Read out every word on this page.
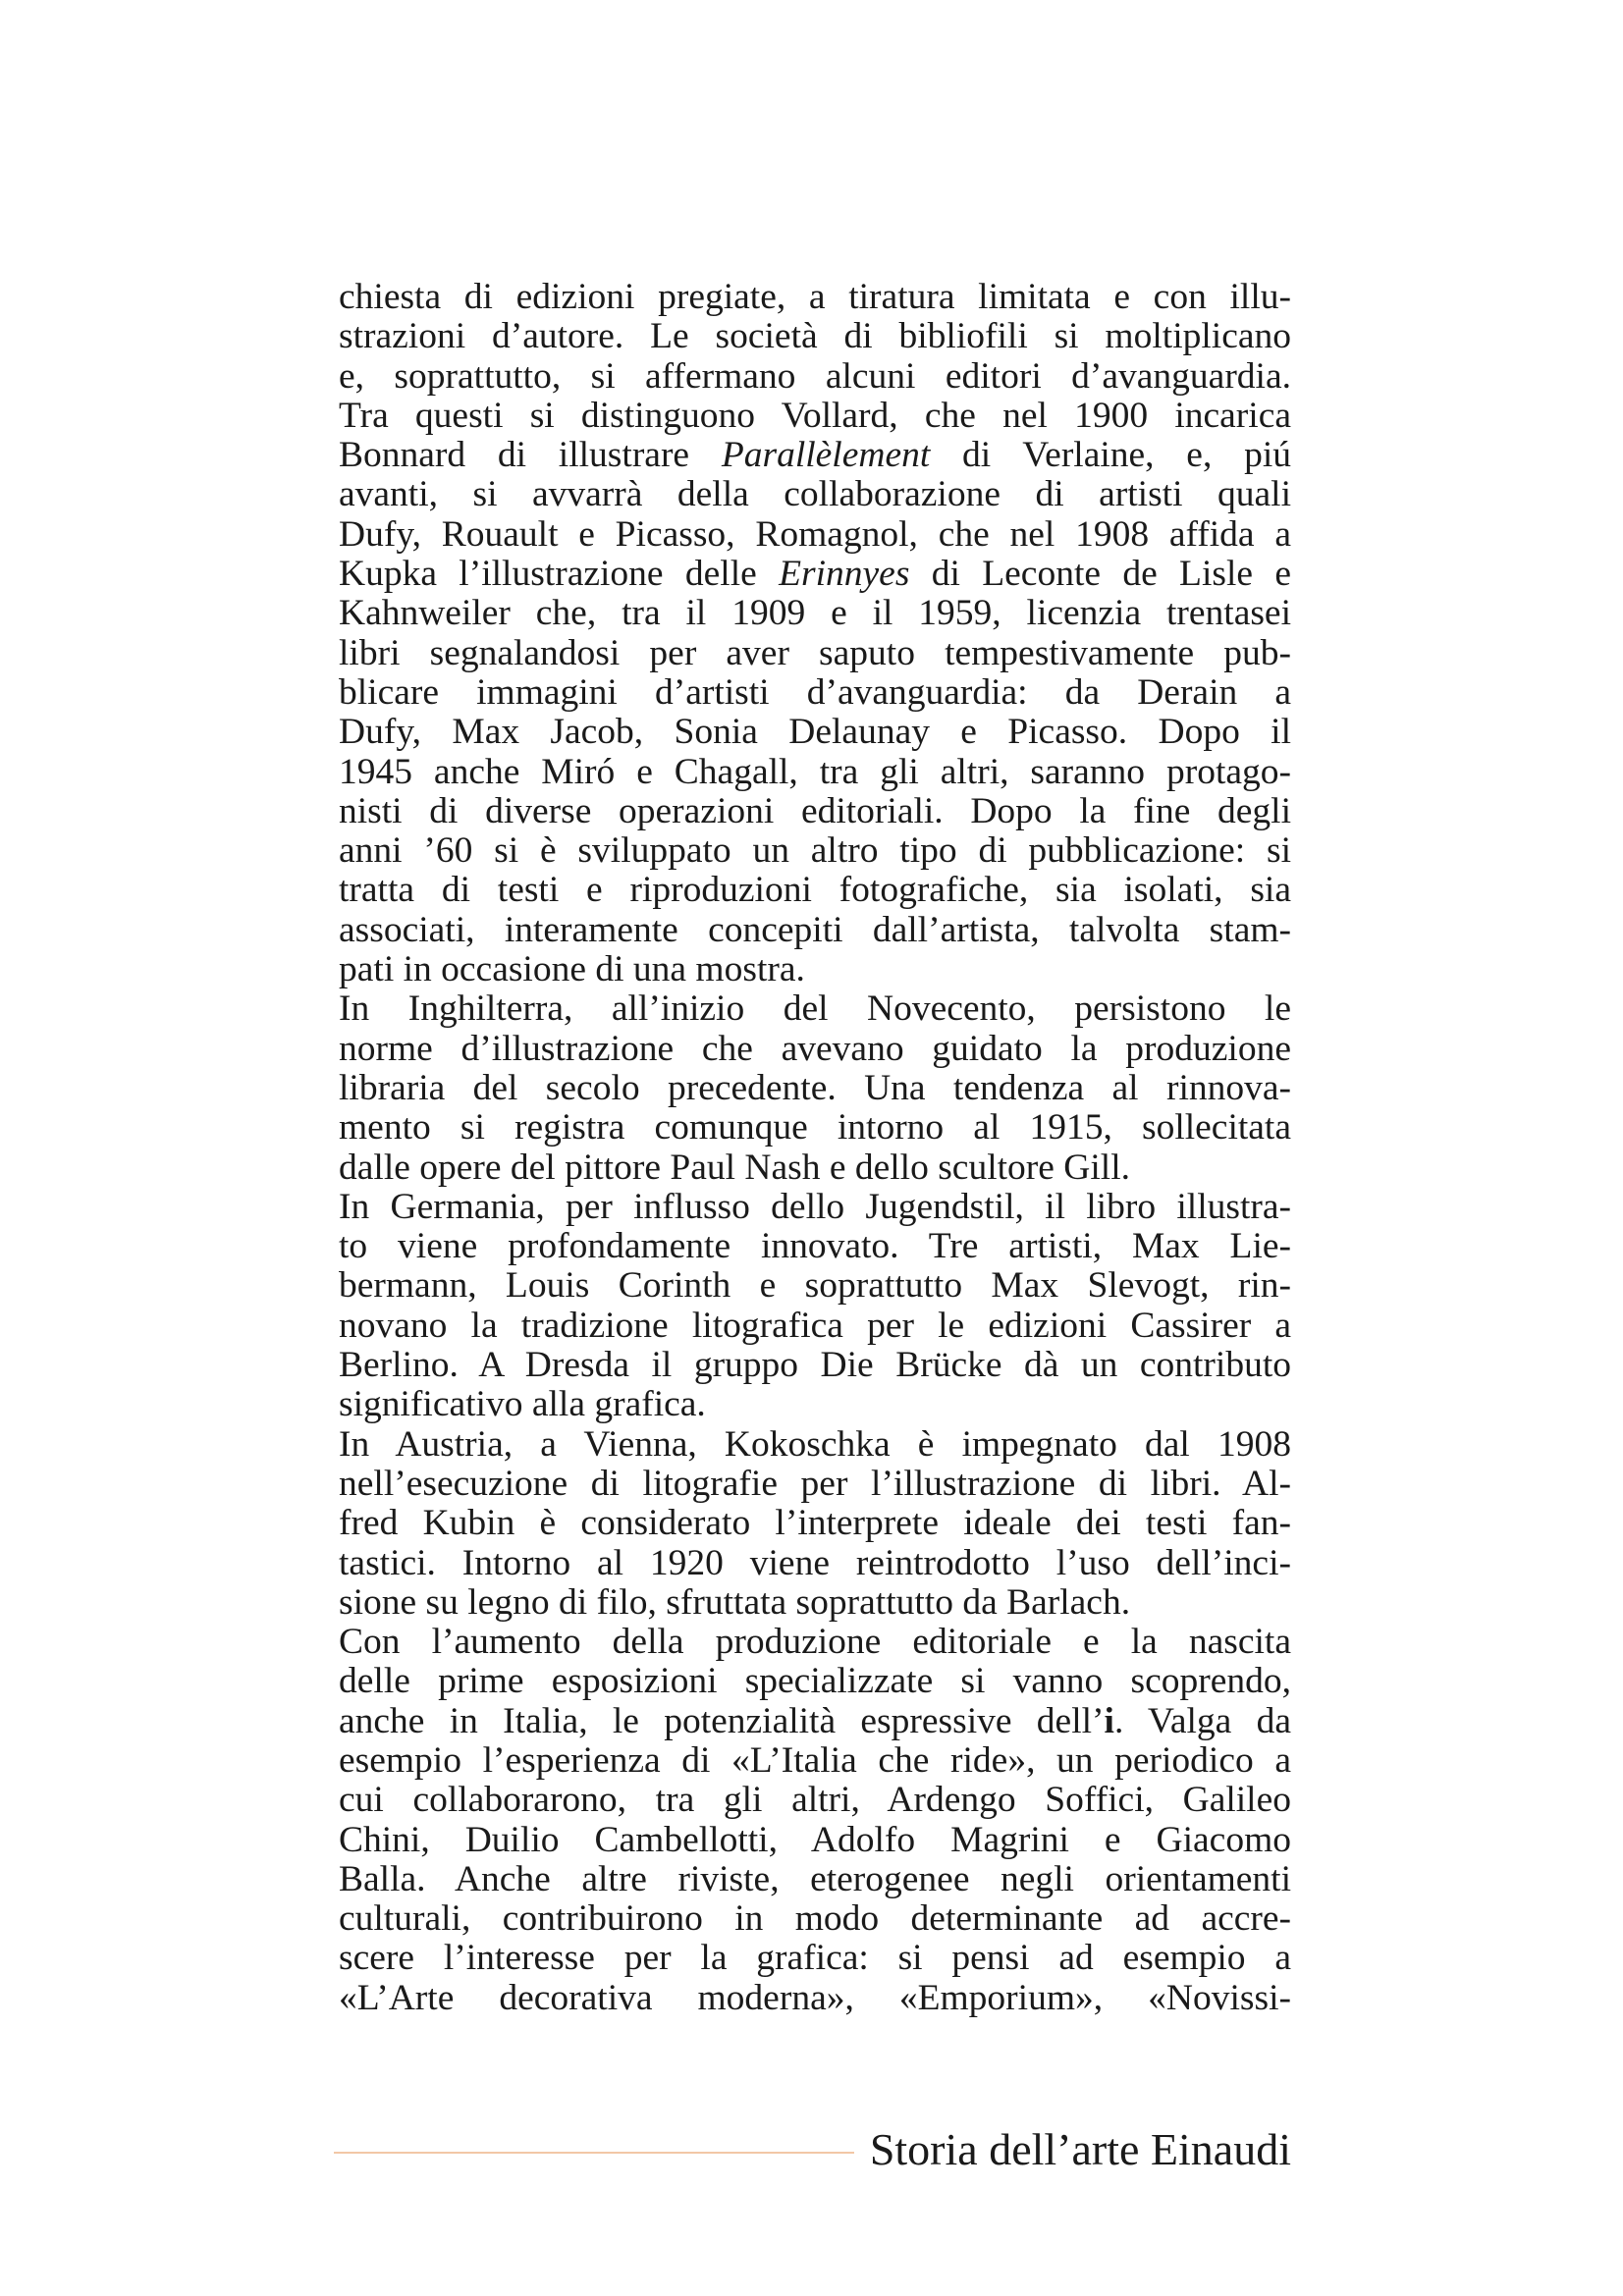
chiesta di edizioni pregiate, a tiratura limitata e con illu-
strazioni d’autore. Le società di bibliofili si moltiplicano
e, soprattutto, si affermano alcuni editori d’avanguardia.
Tra questi si distinguono Vollard, che nel 1900 incarica
Bonnard di illustrare Parallèlement di Verlaine, e, piú
avanti, si avvarrà della collaborazione di artisti quali
Dufy, Rouault e Picasso, Romagnol, che nel 1908 affida a
Kupka l’illustrazione delle Erinnyes di Leconte de Lisle e
Kahnweiler che, tra il 1909 e il 1959, licenzia trentasei
libri segnalandosi per aver saputo tempestivamente pub-
blicare immagini d’artisti d’avanguardia: da Derain a
Dufy, Max Jacob, Sonia Delaunay e Picasso. Dopo il
1945 anche Miró e Chagall, tra gli altri, saranno protago-
nisti di diverse operazioni editoriali. Dopo la fine degli
anni ’60 si è sviluppato un altro tipo di pubblicazione: si
tratta di testi e riproduzioni fotografiche, sia isolati, sia
associati, interamente concepiti dall’artista, talvolta stam-
pati in occasione di una mostra.
In Inghilterra, all’inizio del Novecento, persistono le
norme d’illustrazione che avevano guidato la produzione
libraria del secolo precedente. Una tendenza al rinnova-
mento si registra comunque intorno al 1915, sollecitata
dalle opere del pittore Paul Nash e dello scultore Gill.
In Germania, per influsso dello Jugendstil, il libro illustra-
to viene profondamente innovato. Tre artisti, Max Lie-
bermann, Louis Corinth e soprattutto Max Slevogt, rin-
novano la tradizione litografica per le edizioni Cassirer a
Berlino. A Dresda il gruppo Die Brücke dà un contributo
significativo alla grafica.
In Austria, a Vienna, Kokoschka è impegnato dal 1908
nell’esecuzione di litografie per l’illustrazione di libri. Al-
fred Kubin è considerato l’interprete ideale dei testi fan-
tastici. Intorno al 1920 viene reintrodotto l’uso dell’inci-
sione su legno di filo, sfruttata soprattutto da Barlach.
Con l’aumento della produzione editoriale e la nascita
delle prime esposizioni specializzate si vanno scoprendo,
anche in Italia, le potenzialità espressive dell’i. Valga da
esempio l’esperienza di «L’Italia che ride», un periodico a
cui collaborarono, tra gli altri, Ardengo Soffici, Galileo
Chini, Duilio Cambellotti, Adolfo Magrini e Giacomo
Balla. Anche altre riviste, eterogenee negli orientamenti
culturali, contribuirono in modo determinante ad accre-
scere l’interesse per la grafica: si pensi ad esempio a
«L’Arte decorativa moderna», «Emporium», «Novissi-
Storia dell’arte Einaudi
